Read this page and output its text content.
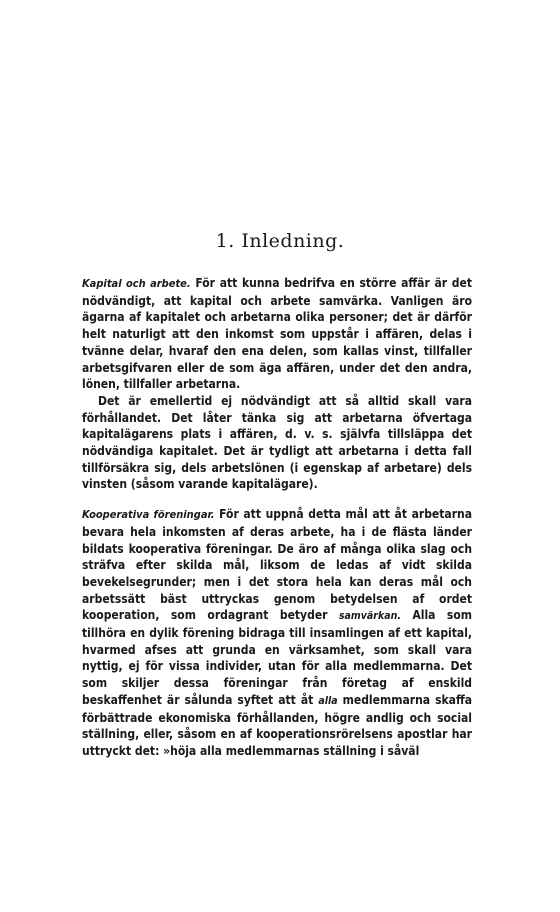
1. Inledning.

Kapital och arbete. För att kunna bedrifva en större affär är det nödvändigt, att kapital och arbete samvärka. Vanligen äro ägarna af kapitalet och arbetarna olika personer; det är därför helt naturligt att den inkomst som uppstår i affären, delas i tvänne delar, hvaraf den ena delen, som kallas vinst, tillfaller arbetsgifvaren eller de som äga affären, under det den andra, lönen, tillfaller arbetarna.

Det är emellertid ej nödvändigt att så alltid skall vara förhållandet. Det låter tänka sig att arbetarna öfvertaga kapitalägarens plats i affären, d. v. s. självfa tillsläppa det nödvändiga kapitalet. Det är tydligt att arbetarna i detta fall tillförsäkra sig, dels arbetslönen (i egenskap af arbetare) dels vinsten (såsom varande kapitalägare).

Kooperativa föreningar. För att uppnå detta mål att åt arbetarna bevara hela inkomsten af deras arbete, ha i de flästa länder bildats kooperativa föreningar. De äro af många olika slag och sträfva efter skilda mål, liksom de ledas af vidt skilda bevekelsegrunder; men i det stora hela kan deras mål och arbetssätt bäst uttryckas genom betydelsen af ordet kooperation, som ordagrant betyder samvärkan. Alla som tillhöra en dylik förening bidraga till insamlingen af ett kapital, hvarmed afses att grunda en värksamhet, som skall vara nyttig, ej för vissa individer, utan för alla medlemmarna. Det som skiljer dessa föreningar från företag af enskild beskaffenhet är sålunda syftet att åt alla medlemmarna skaffa förbättrade ekonomiska förhållanden, högre andlig och social ställning, eller, såsom en af kooperationsrörelsens apostlar har uttryckt det: »höja alla medlemmarnas ställning i såväl
